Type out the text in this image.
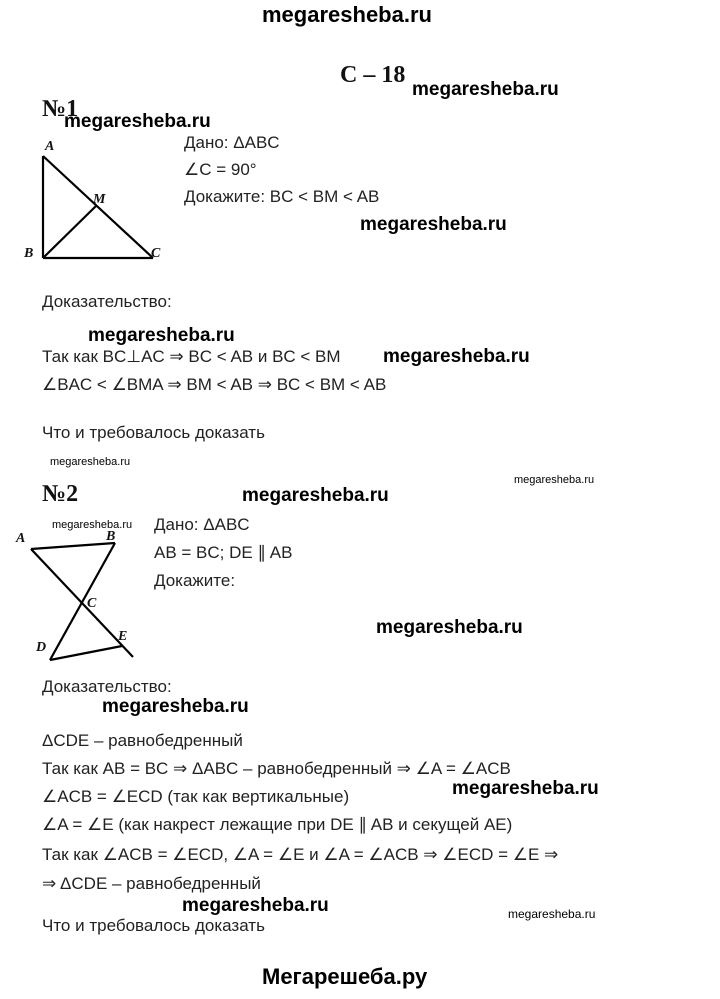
megaresheba.ru
С – 18
megaresheba.ru
№1
megaresheba.ru
A
M
B	C
Дано: ΔABC
∠C = 90°
Докажите: BC < BM < AB
megaresheba.ru
Доказательство:
megaresheba.ru
Так как BC⊥AC ⇒ BC < AB и BC < BM megaresheba.ru
∠BAC < ∠BMA ⇒ BM < AB ⇒ BC < BM < AB
Что и требовалось доказать
megaresheba.ru
megaresheba.ru
№2	megaresheba.ru
megaresheba.ru
A	B
C
D
E
Дано: ΔABC
AB = BC; DE ∥ AB
Докажите:
megaresheba.ru
Доказательство:
megaresheba.ru
ΔCDE – равнобедренный
Так как AB = BC ⇒ ΔABC – равнобедренный ⇒ ∠A = ∠ACB
megaresheba.ru
∠ACB = ∠ECD (так как вертикальные)
∠A = ∠E (как накрест лежащие при DE ∥ AB и секущей AE)
Так как ∠ACB = ∠ECD, ∠A = ∠E и ∠A = ∠ACB ⇒ ∠ECD = ∠E ⇒
⇒ ΔCDE – равнобедренный
megaresheba.ru	megaresheba.ru
Что и требовалось доказать
Мегарешеба.ру
